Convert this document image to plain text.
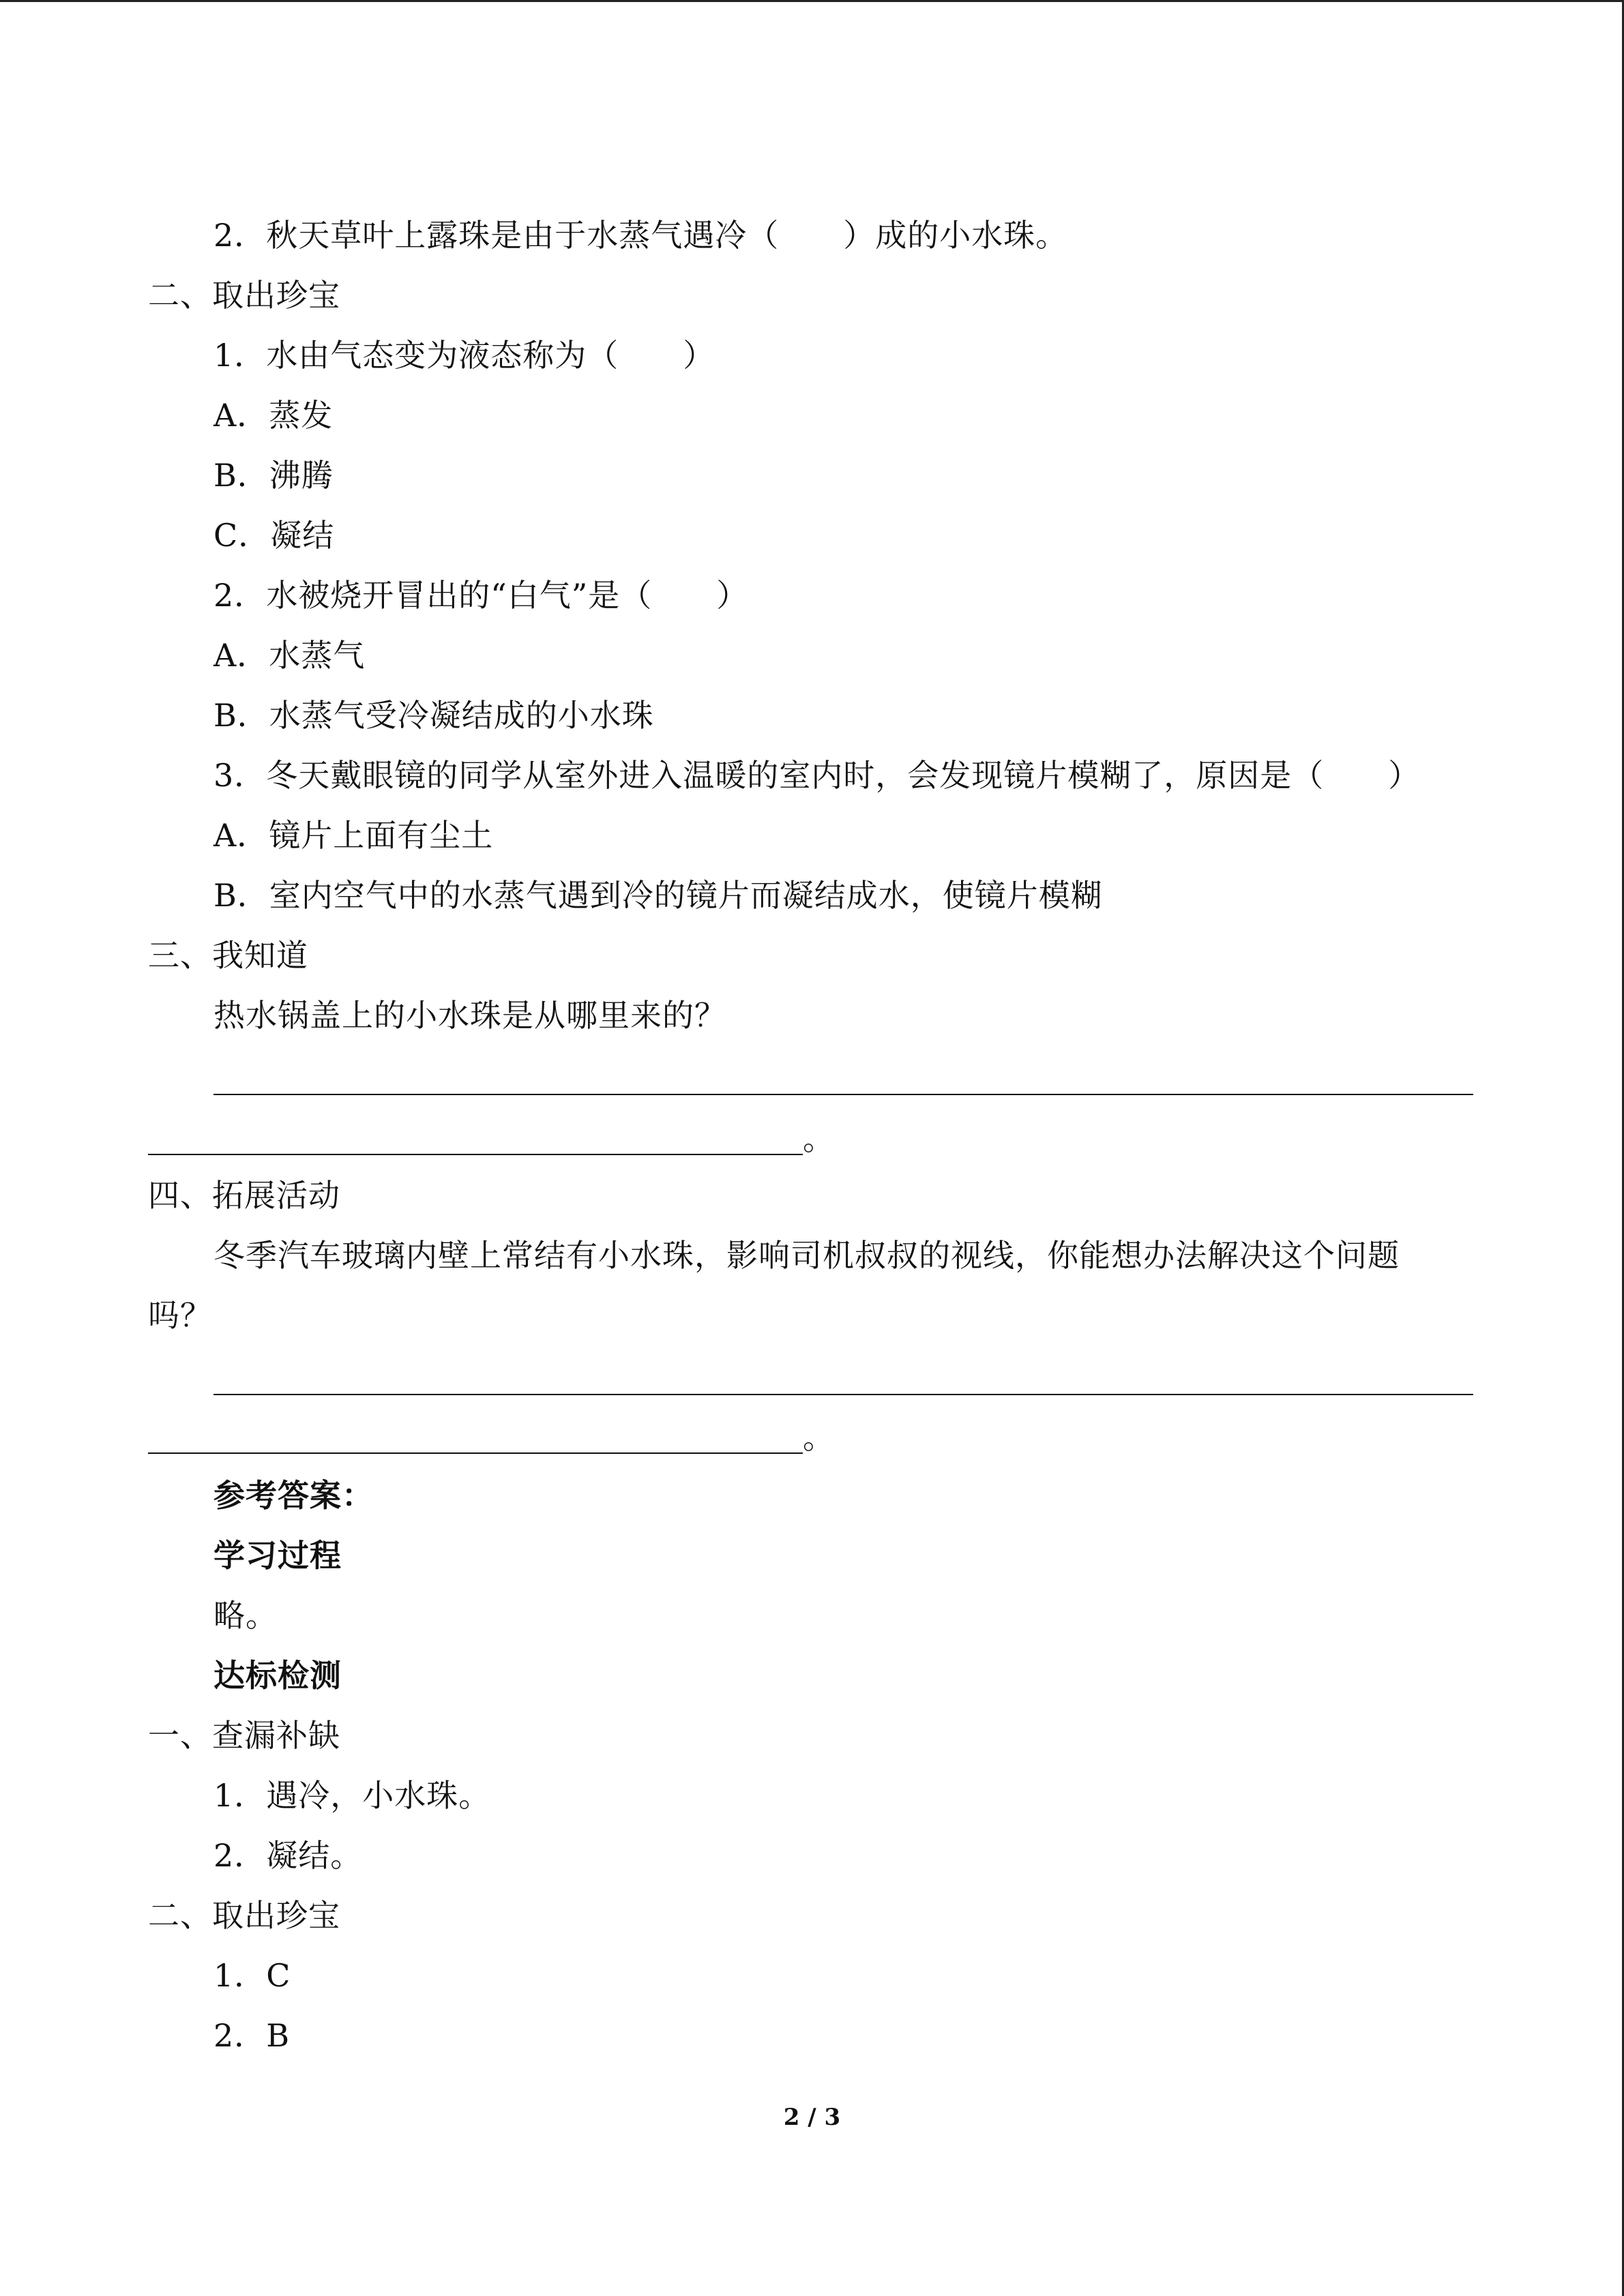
2．秋天草叶上露珠是由于水蒸气遇冷（　　）成的小水珠。
二、取出珍宝
1．水由气态变为液态称为（　　）
A．蒸发
B．沸腾
C．凝结
2．水被烧开冒出的“白气”是（　　）
A．水蒸气
B．水蒸气受冷凝结成的小水珠
3．冬天戴眼镜的同学从室外进入温暖的室内时，会发现镜片模糊了，原因是（　　）
A．镜片上面有尘土
B．室内空气中的水蒸气遇到冷的镜片而凝结成水，使镜片模糊
三、我知道
热水锅盖上的小水珠是从哪里来的？
。
四、拓展活动
冬季汽车玻璃内壁上常结有小水珠，影响司机叔叔的视线，你能想办法解决这个问题
吗？
。
参考答案：
学习过程
略。
达标检测
一、查漏补缺
1．遇冷，小水珠。
2．凝结。
二、取出珍宝
1．C
2．B
2 / 3
